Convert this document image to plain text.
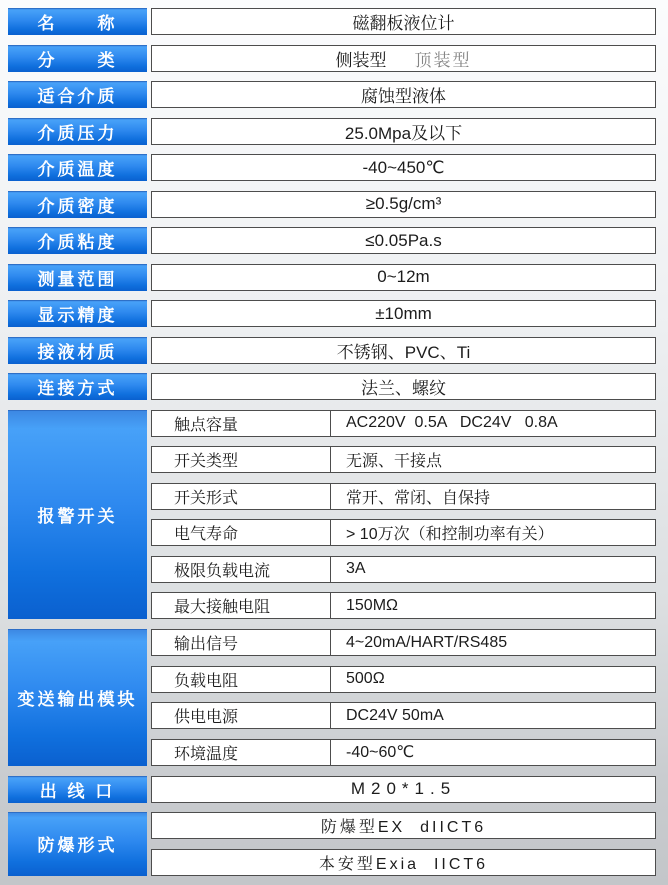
名　　称	磁翻板液位计
分　　类	侧装型 顶装型
适合介质	腐蚀型液体
介质压力	25.0Mpa及以下
介质温度	-40~450℃
介质密度	≥0.5g/cm³
介质粘度	≤0.05Pa.s
测量范围	0~12m
显示精度	±10mm
接液材质	不锈钢、PVC、Ti
连接方式	法兰、螺纹
报警开关
触点容量	AC220V  0.5A   DC24V   0.8A
开关类型	无源、干接点
开关形式	常开、常闭、自保持
电气寿命	> 10万次（和控制功率有关）
极限负载电流	3A
最大接触电阻	150MΩ
变送输出模块
输出信号	4~20mA/HART/RS485
负载电阻	500Ω
供电电源	DC24V 50mA
环境温度	-40~60℃
出 线 口	M20*1.5
防爆形式
防爆型EX  dIICT6
本安型Exia  IICT6
